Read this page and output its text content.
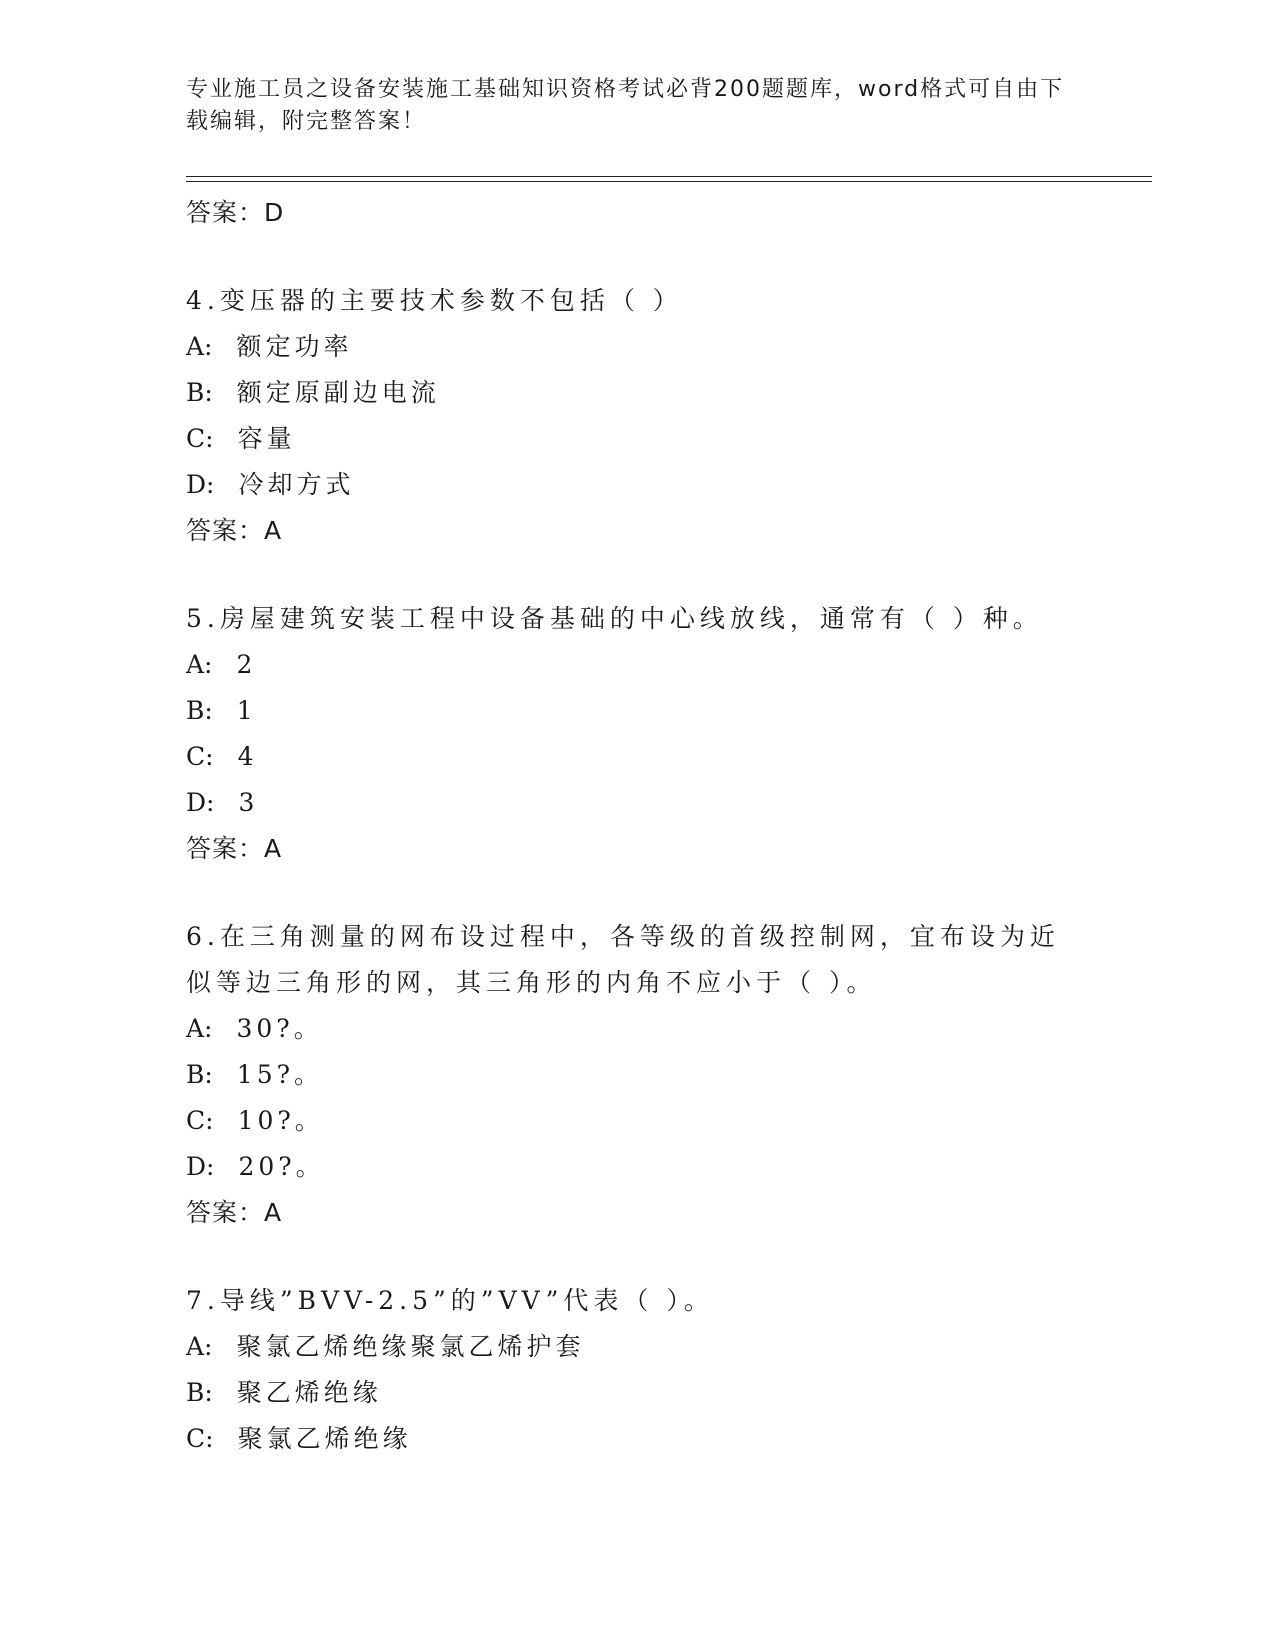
专业施工员之设备安装施工基础知识资格考试必背200题题库，word格式可自由下载编辑，附完整答案！
答案：D
4.变压器的主要技术参数不包括（ ）
A: 额定功率
B: 额定原副边电流
C: 容量
D: 冷却方式
答案：A
5.房屋建筑安装工程中设备基础的中心线放线，通常有（ ）种。
A: 2
B: 1
C: 4
D: 3
答案：A
6.在三角测量的网布设过程中，各等级的首级控制网，宜布设为近似等边三角形的网，其三角形的内角不应小于（ ）。
A: 30?。
B: 15?。
C: 10?。
D: 20?。
答案：A
7.导线”BVV-2.5”的”VV”代表（ ）。
A: 聚氯乙烯绝缘聚氯乙烯护套
B: 聚乙烯绝缘
C: 聚氯乙烯绝缘
